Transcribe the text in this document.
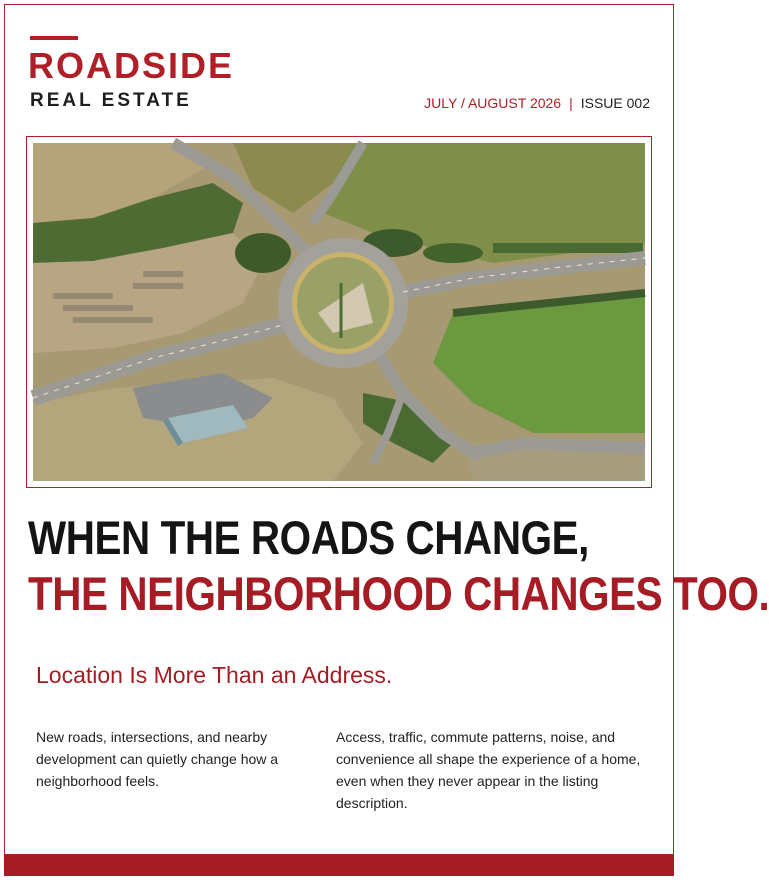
ROADSIDE
REAL ESTATE	JULY / AUGUST 2026 | ISSUE 002
WHEN THE ROADS CHANGE,
THE NEIGHBORHOOD CHANGES TOO.
Location Is More Than an Address.
New roads, intersections, and nearby development can quietly change how a neighborhood feels.
Access, traffic, commute patterns, noise, and convenience all shape the experience of a home, even when they never appear in the listing description.
